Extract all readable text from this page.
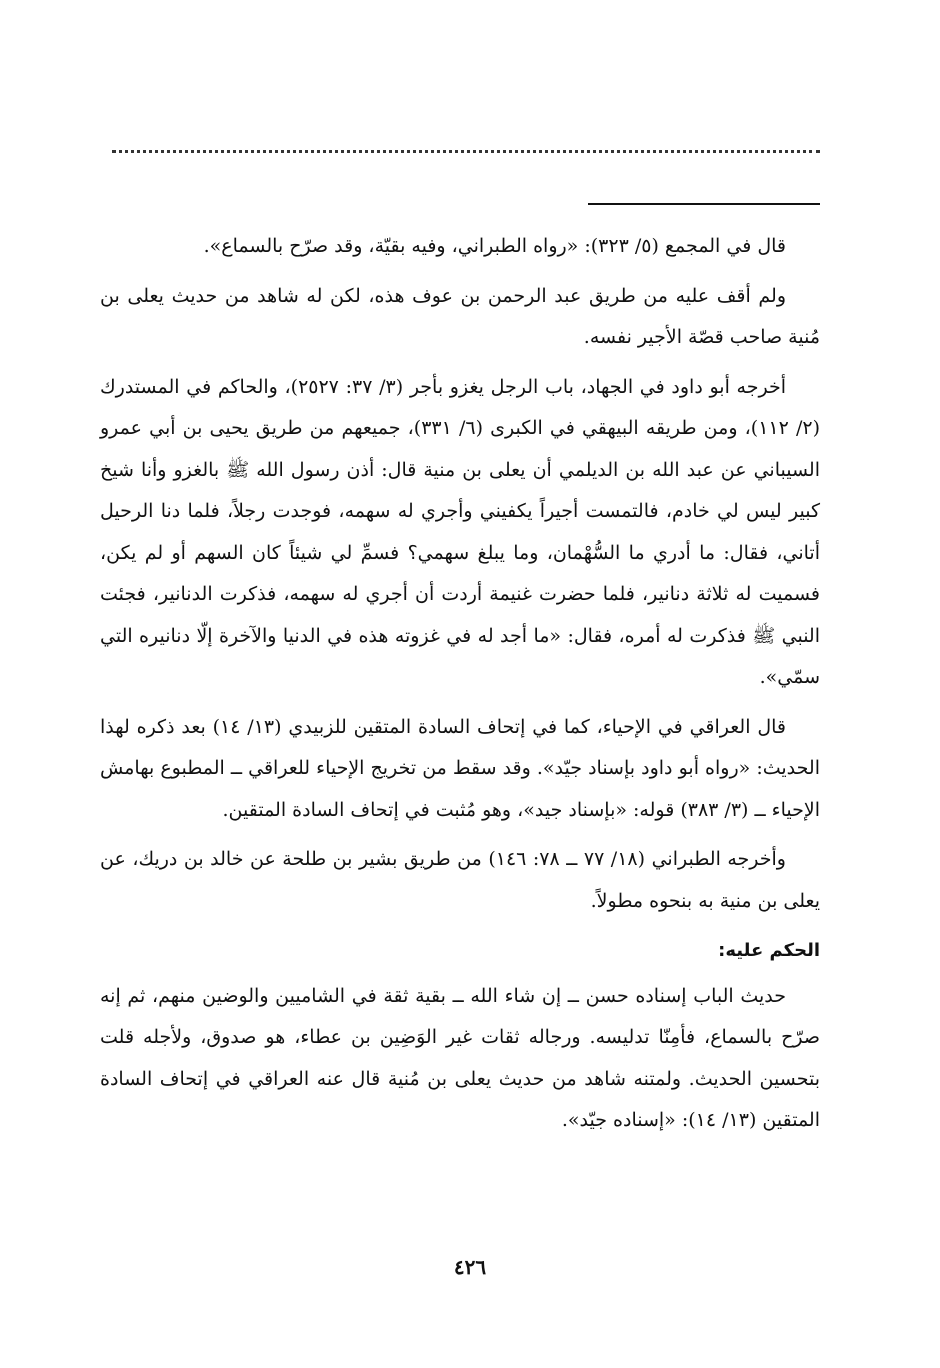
قال في المجمع (٥/ ٣٢٣): «رواه الطبراني، وفيه بقيّة، وقد صرّح بالسماع».

ولم أقف عليه من طريق عبد الرحمن بن عوف هذه، لكن له شاهد من حديث يعلى بن مُنية صاحب قصّة الأجير نفسه.

أخرجه أبو داود في الجهاد، باب الرجل يغزو بأجر (٣/ ٣٧: ٢٥٢٧)، والحاكم في المستدرك (٢/ ١١٢)، ومن طريقه البيهقي في الكبرى (٦/ ٣٣١)، جميعهم من طريق يحيى بن أبي عمرو السيباني عن عبد الله بن الديلمي أن يعلى بن منية قال: أذن رسول الله ﷺ بالغزو وأنا شيخ كبير ليس لي خادم، فالتمست أجيراً يكفيني وأجري له سهمه، فوجدت رجلاً، فلما دنا الرحيل أتاني، فقال: ما أدري ما السُّهْمان، وما يبلغ سهمي؟ فسمِّ لي شيئاً كان السهم أو لم يكن، فسميت له ثلاثة دنانير، فلما حضرت غنيمة أردت أن أجري له سهمه، فذكرت الدنانير، فجئت النبي ﷺ فذكرت له أمره، فقال: «ما أجد له في غزوته هذه في الدنيا والآخرة إلّا دنانيره التي سمّي».

قال العراقي في الإحياء، كما في إتحاف السادة المتقين للزبيدي (١٣/ ١٤) بعد ذكره لهذا الحديث: «رواه أبو داود بإسناد جيّد». وقد سقط من تخريج الإحياء للعراقي ــ المطبوع بهامش الإحياء ــ (٣/ ٣٨٣) قوله: «بإسناد جيد»، وهو مُثبت في إتحاف السادة المتقين.

وأخرجه الطبراني (١٨/ ٧٧ ــ ٧٨: ١٤٦) من طريق بشير بن طلحة عن خالد بن دريك، عن يعلى بن منية به بنحوه مطولاً.

الحكم عليه:

حديث الباب إسناده حسن ــ إن شاء الله ــ بقية ثقة في الشاميين والوضين منهم، ثم إنه صرّح بالسماع، فأمِنّا تدليسه. ورجاله ثقات غير الوَضِين بن عطاء، هو صدوق، ولأجله قلت بتحسين الحديث. ولمتنه شاهد من حديث يعلى بن مُنية قال عنه العراقي في إتحاف السادة المتقين (١٣/ ١٤): «إسناده جيّد».

٤٢٦
